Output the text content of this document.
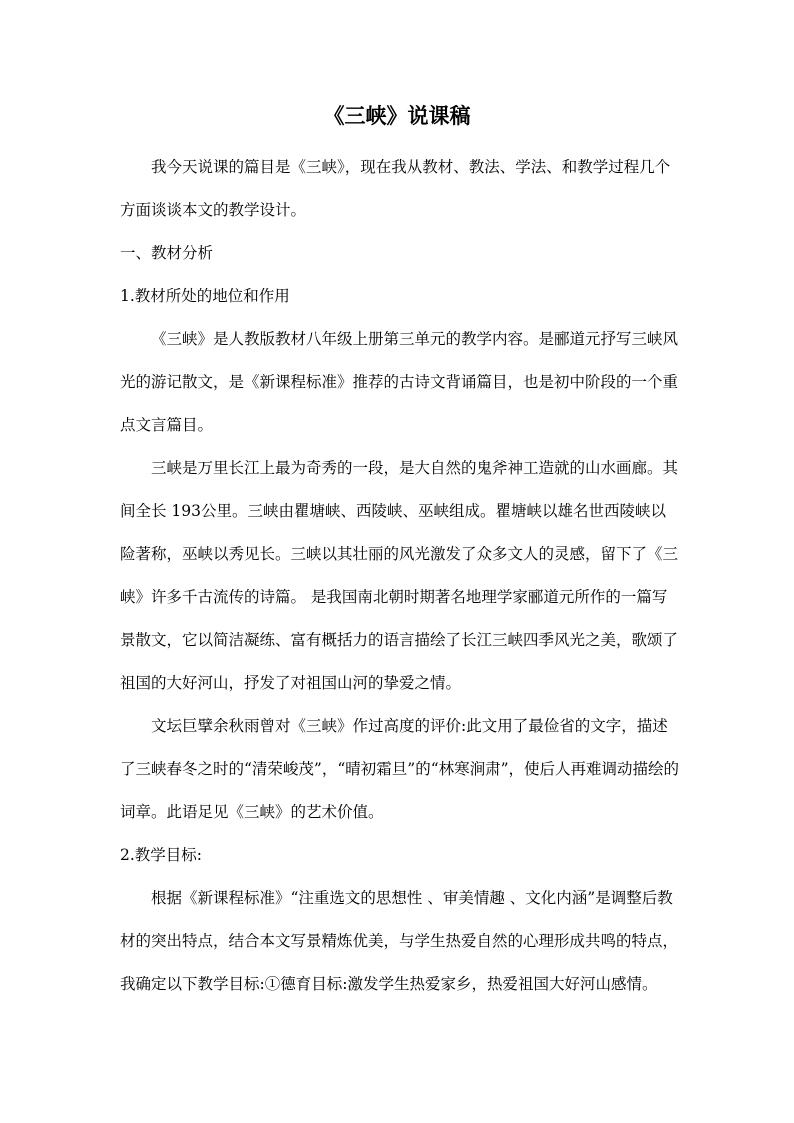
《三峡》说课稿

我今天说课的篇目是《三峡》，现在我从教材、教法、学法、和教学过程几个方面谈谈本文的教学设计。

一、教材分析

1.教材所处的地位和作用

《三峡》是人教版教材八年级上册第三单元的教学内容。是郦道元抒写三峡风光的游记散文，是《新课程标准》推荐的古诗文背诵篇目，也是初中阶段的一个重点文言篇目。

三峡是万里长江上最为奇秀的一段，是大自然的鬼斧神工造就的山水画廊。其间全长 193公里。三峡由瞿塘峡、西陵峡、巫峡组成。瞿塘峡以雄名世西陵峡以险著称，巫峡以秀见长。三峡以其壮丽的风光激发了众多文人的灵感，留下了《三峡》许多千古流传的诗篇。 是我国南北朝时期著名地理学家郦道元所作的一篇写景散文，它以简洁凝练、富有概括力的语言描绘了长江三峡四季风光之美，歌颂了祖国的大好河山，抒发了对祖国山河的挚爱之情。

文坛巨擘余秋雨曾对《三峡》作过高度的评价:此文用了最俭省的文字，描述了三峡春冬之时的“清荣峻茂”，“晴初霜旦”的“林寒涧肃”，使后人再难调动描绘的词章。此语足见《三峡》的艺术价值。

2.教学目标:

根据《新课程标准》“注重选文的思想性 、审美情趣 、文化内涵”是调整后教材的突出特点，结合本文写景精炼优美，与学生热爱自然的心理形成共鸣的特点，我确定以下教学目标:①德育目标:激发学生热爱家乡，热爱祖国大好河山感情。
